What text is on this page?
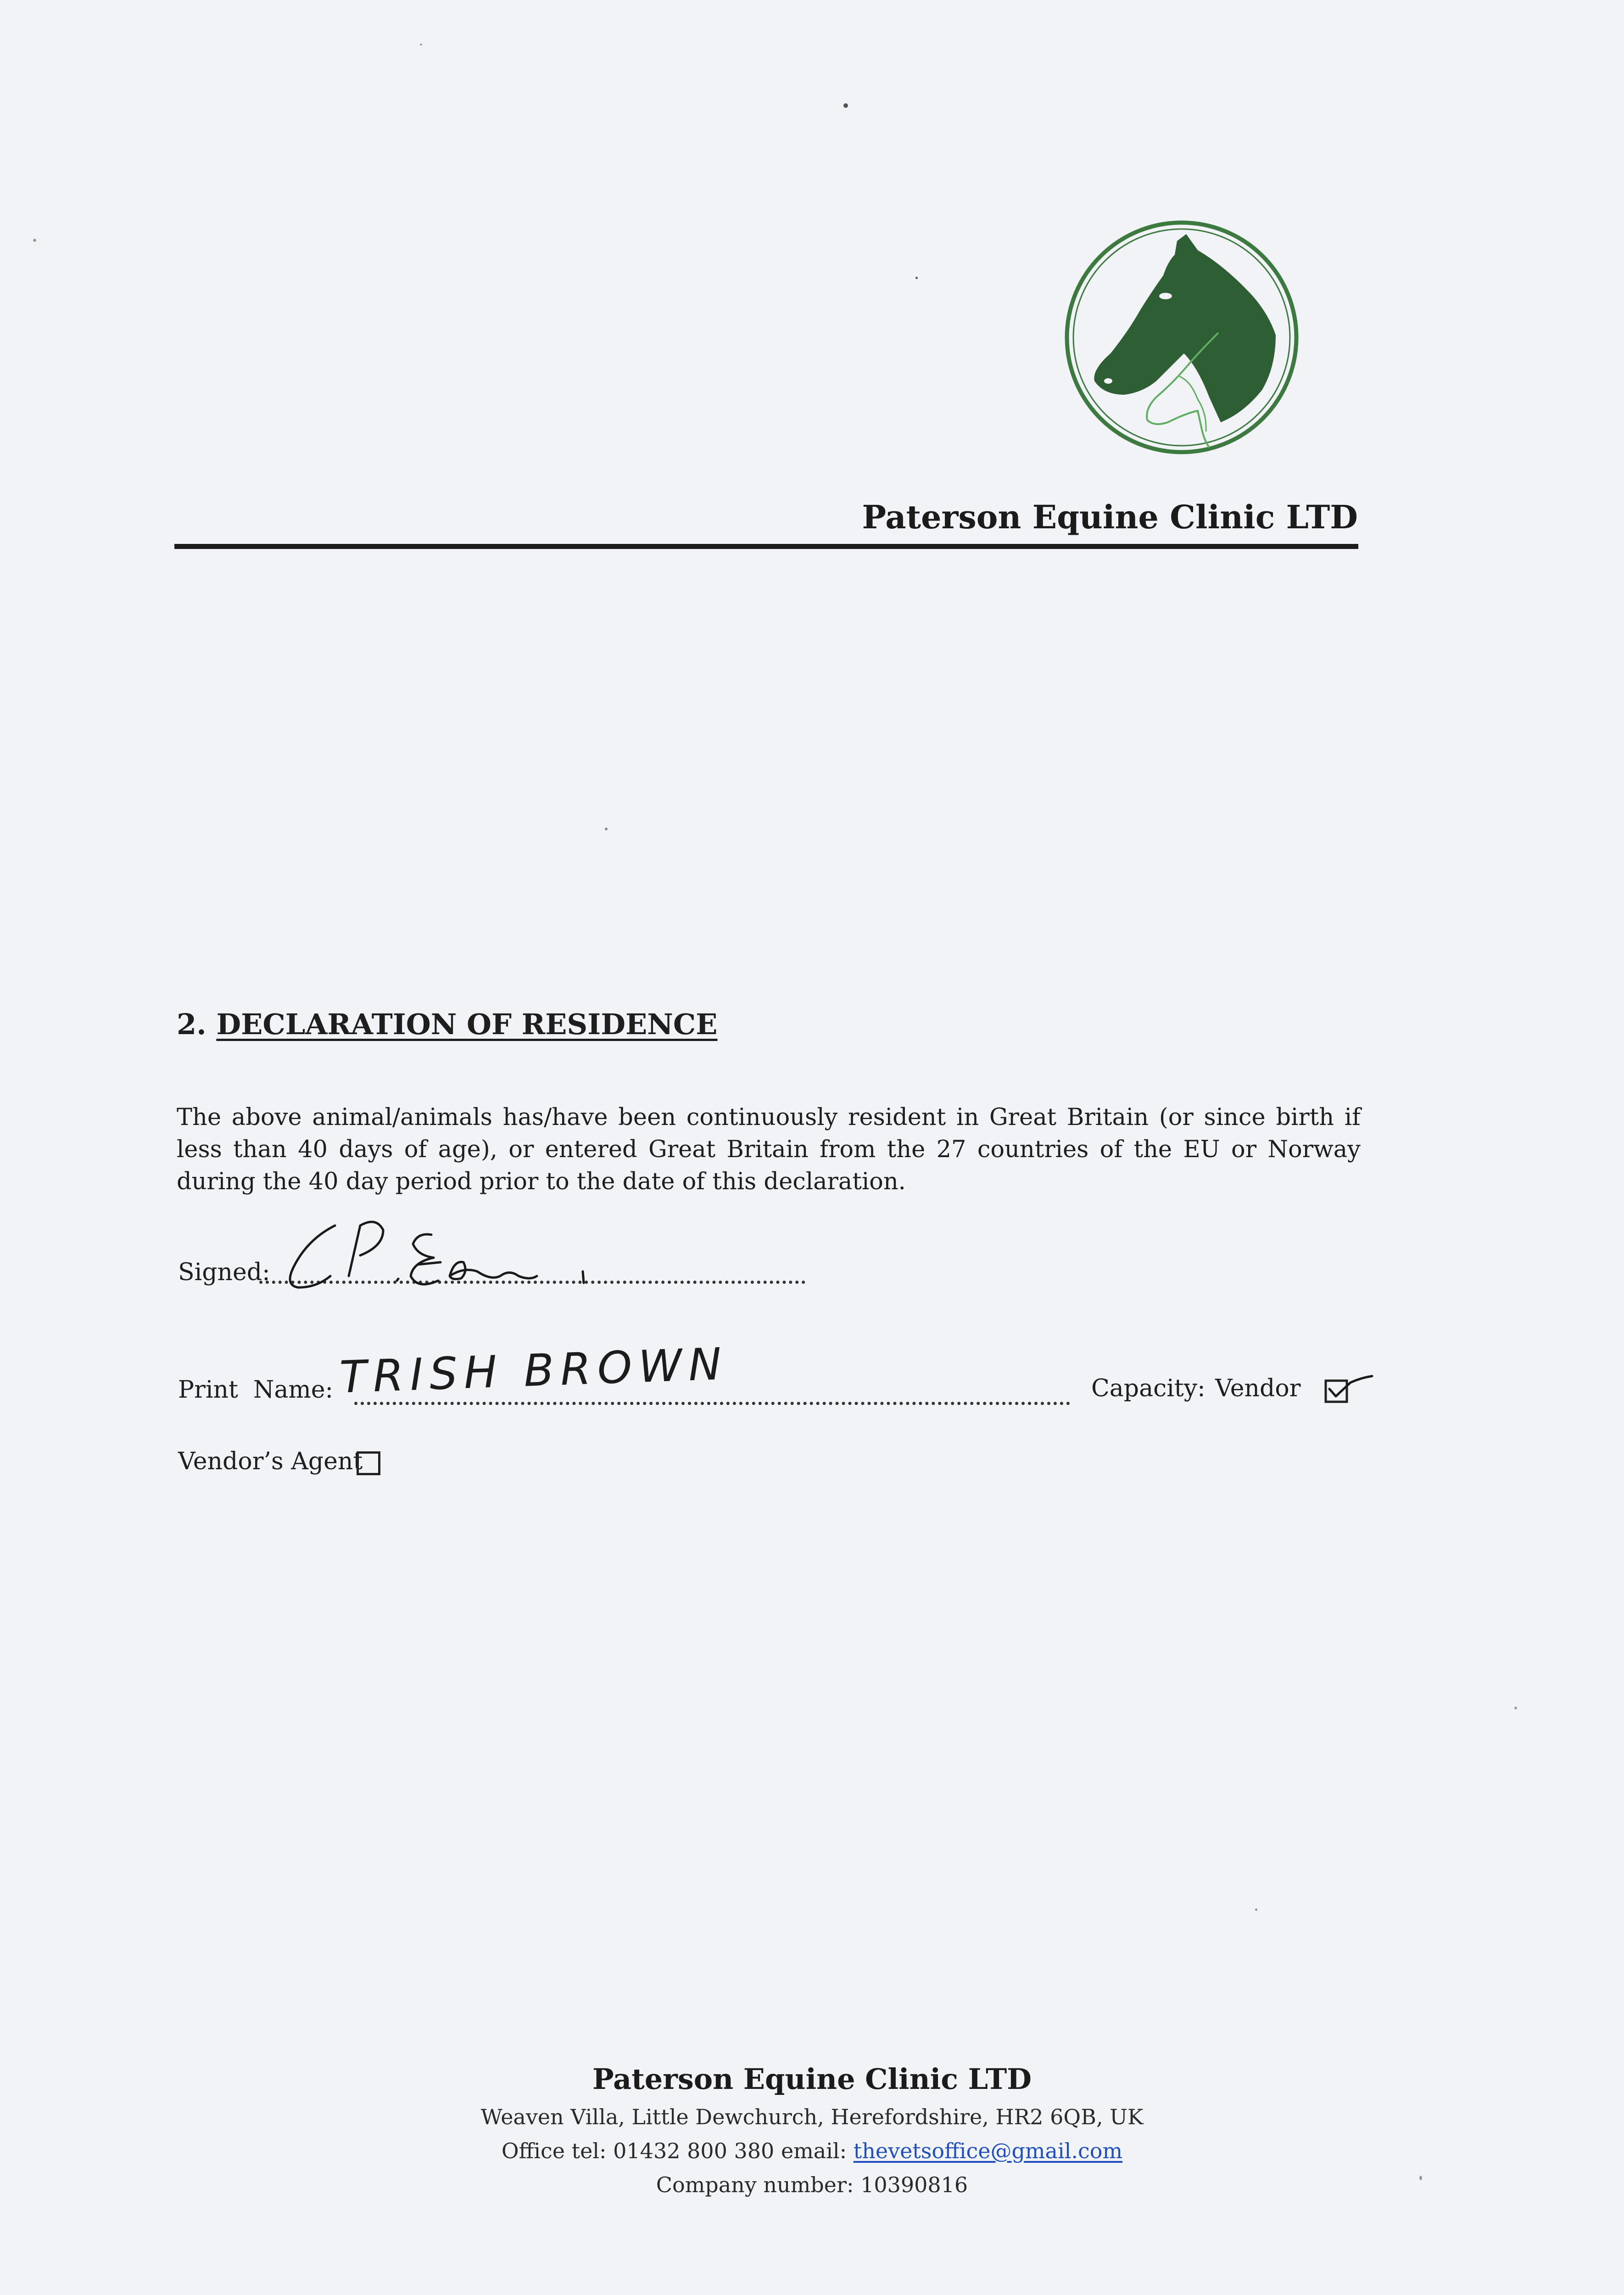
Paterson Equine Clinic LTD
2. DECLARATION OF RESIDENCE
The above animal/animals has/have been continuously resident in Great Britain (or since birth if less than 40 days of age), or entered Great Britain from the 27 countries of the EU or Norway during the 40 day period prior to the date of this declaration.
Signed:
Print  Name: TRISH BROWN	Capacity: Vendor
Vendor’s Agent
Paterson Equine Clinic LTD
Weaven Villa, Little Dewchurch, Herefordshire, HR2 6QB, UK
Office tel: 01432 800 380 email: thevetsoffice@gmail.com
Company number: 10390816
